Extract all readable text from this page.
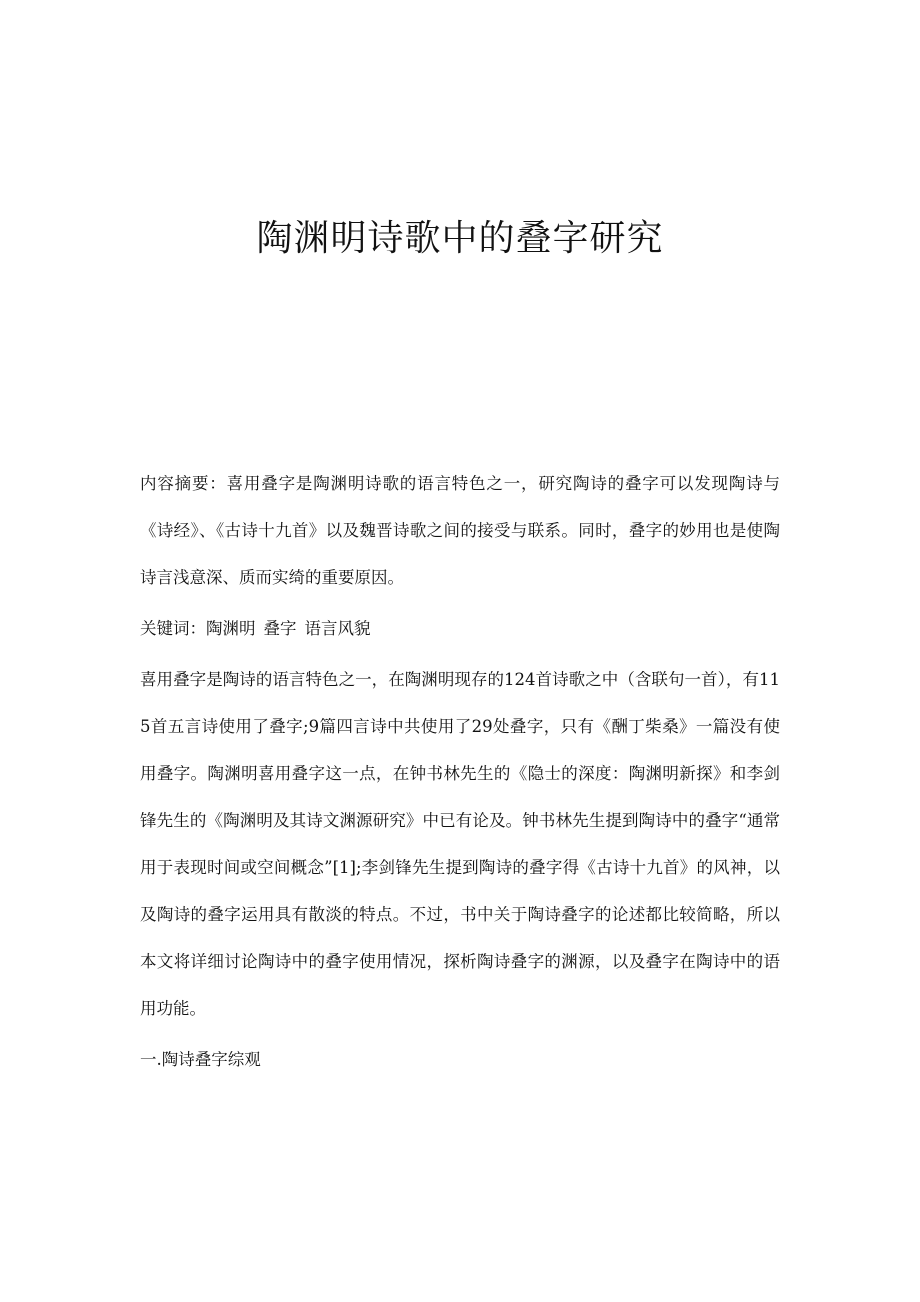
陶渊明诗歌中的叠字研究

内容摘要：喜用叠字是陶渊明诗歌的语言特色之一，研究陶诗的叠字可以发现陶诗与《诗经》、《古诗十九首》以及魏晋诗歌之间的接受与联系。同时，叠字的妙用也是使陶诗言浅意深、质而实绮的重要原因。

关键词：陶渊明 叠字 语言风貌

喜用叠字是陶诗的语言特色之一，在陶渊明现存的124首诗歌之中（含联句一首），有115首五言诗使用了叠字;9篇四言诗中共使用了29处叠字，只有《酬丁柴桑》一篇没有使用叠字。陶渊明喜用叠字这一点，在钟书林先生的《隐士的深度：陶渊明新探》和李剑锋先生的《陶渊明及其诗文渊源研究》中已有论及。钟书林先生提到陶诗中的叠字“通常用于表现时间或空间概念”[1];李剑锋先生提到陶诗的叠字得《古诗十九首》的风神，以及陶诗的叠字运用具有散淡的特点。不过，书中关于陶诗叠字的论述都比较简略，所以本文将详细讨论陶诗中的叠字使用情况，探析陶诗叠字的渊源，以及叠字在陶诗中的语用功能。

一.陶诗叠字综观
